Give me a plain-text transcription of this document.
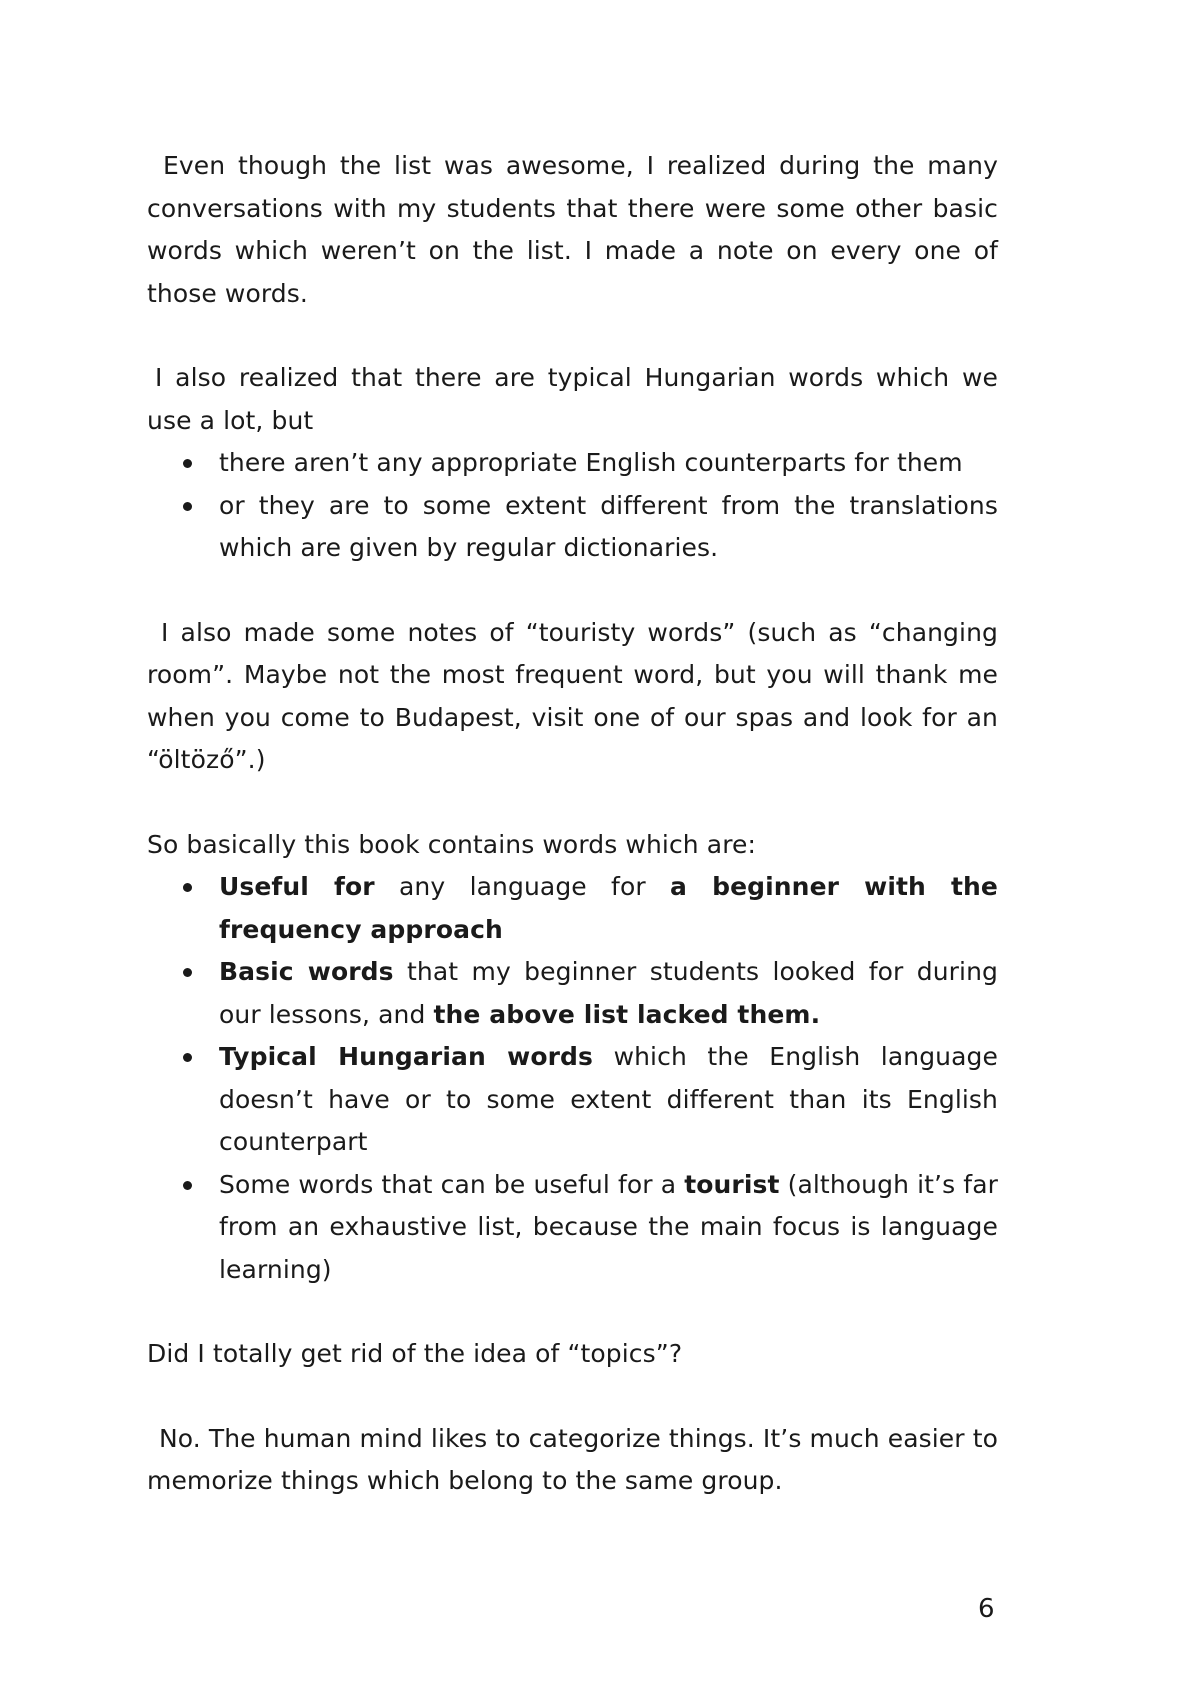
Even though the list was awesome, I realized during the many conversations with my students that there were some other basic words which weren’t on the list. I made a note on every one of those words.

I also realized that there are typical Hungarian words which we use a lot, but

there aren’t any appropriate English counterparts for them
or they are to some extent different from the translations which are given by regular dictionaries.

I also made some notes of “touristy words” (such as “changing room”. Maybe not the most frequent word, but you will thank me when you come to Budapest, visit one of our spas and look for an “öltöző”.)

So basically this book contains words which are:

Useful for any language for a beginner with the frequency approach
Basic words that my beginner students looked for during our lessons, and the above list lacked them.
Typical Hungarian words which the English language doesn’t have or to some extent different than its English counterpart
Some words that can be useful for a tourist (although it’s far from an exhaustive list, because the main focus is language learning)

Did I totally get rid of the idea of “topics”?

No. The human mind likes to categorize things. It’s much easier to memorize things which belong to the same group.

6
